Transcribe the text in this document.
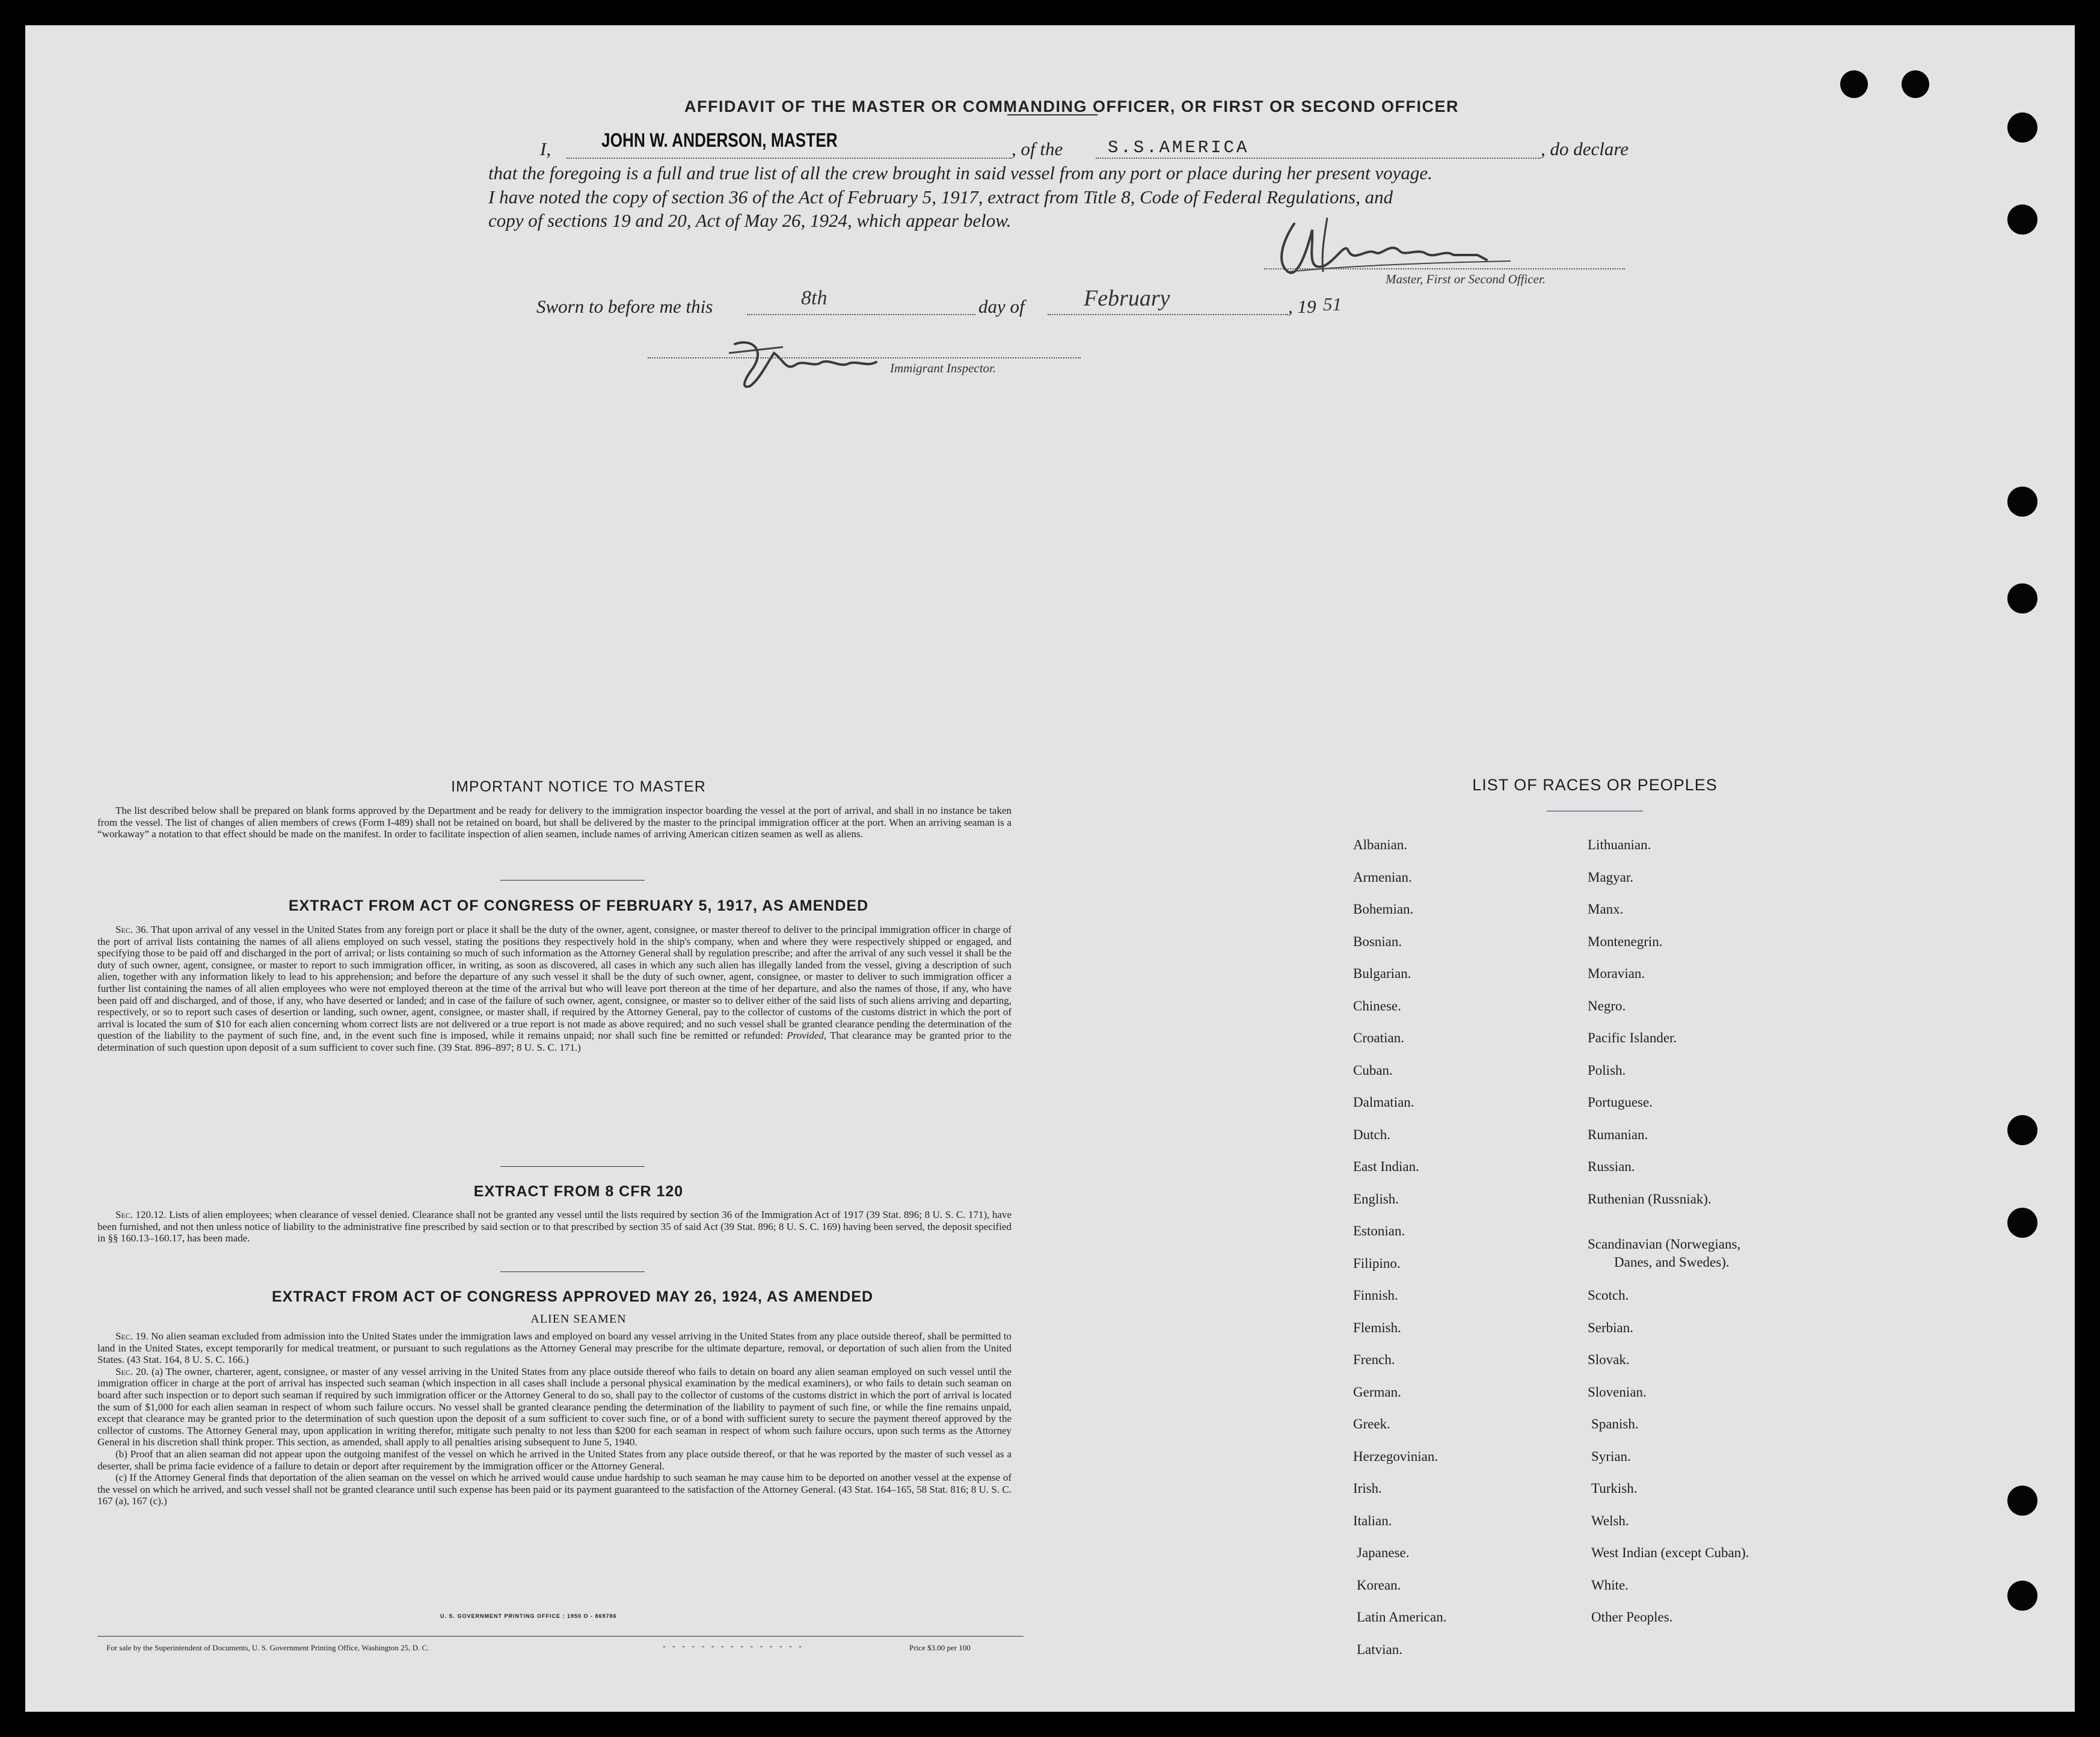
AFFIDAVIT OF THE MASTER OR COMMANDING OFFICER, OR FIRST OR SECOND OFFICER
I,	JOHN W. ANDERSON, MASTER	, of the	S.S.AMERICA	, do declare
that the foregoing is a full and true list of all the crew brought in said vessel from any port or place during her present voyage.
I have noted the copy of section 36 of the Act of February 5, 1917, extract from Title 8, Code of Federal Regulations, and
copy of sections 19 and 20, Act of May 26, 1924, which appear below.
Master, First or Second Officer.
Sworn to before me this	8th	day of	February	, 19 51
Immigrant Inspector.
IMPORTANT NOTICE TO MASTER

The list described below shall be prepared on blank forms approved by the Department and be ready for delivery to the immigration inspector boarding the vessel at the port of arrival, and shall in no instance be taken from the vessel. The list of changes of alien members of crews (Form I-489) shall not be retained on board, but shall be delivered by the master to the principal immigration officer at the port. When an arriving seaman is a “workaway” a notation to that effect should be made on the manifest. In order to facilitate inspection of alien seamen, include names of arriving American citizen seamen as well as aliens.

EXTRACT FROM ACT OF CONGRESS OF FEBRUARY 5, 1917, AS AMENDED

Sec. 36. That upon arrival of any vessel in the United States from any foreign port or place it shall be the duty of the owner, agent, consignee, or master thereof to deliver to the principal immigration officer in charge of the port of arrival lists containing the names of all aliens employed on such vessel, stating the positions they respectively hold in the ship's company, when and where they were respectively shipped or engaged, and specifying those to be paid off and discharged in the port of arrival; or lists containing so much of such information as the Attorney General shall by regulation prescribe; and after the arrival of any such vessel it shall be the duty of such owner, agent, consignee, or master to report to such immigration officer, in writing, as soon as discovered, all cases in which any such alien has illegally landed from the vessel, giving a description of such alien, together with any information likely to lead to his apprehension; and before the departure of any such vessel it shall be the duty of such owner, agent, consignee, or master to deliver to such immigration officer a further list containing the names of all alien employees who were not employed thereon at the time of the arrival but who will leave port thereon at the time of her departure, and also the names of those, if any, who have been paid off and discharged, and of those, if any, who have deserted or landed; and in case of the failure of such owner, agent, consignee, or master so to deliver either of the said lists of such aliens arriving and departing, respectively, or so to report such cases of desertion or landing, such owner, agent, consignee, or master shall, if required by the Attorney General, pay to the collector of customs of the customs district in which the port of arrival is located the sum of $10 for each alien concerning whom correct lists are not delivered or a true report is not made as above required; and no such vessel shall be granted clearance pending the determination of the question of the liability to the payment of such fine, and, in the event such fine is imposed, while it remains unpaid; nor shall such fine be remitted or refunded: Provided, That clearance may be granted prior to the determination of such question upon deposit of a sum sufficient to cover such fine. (39 Stat. 896–897; 8 U. S. C. 171.)

EXTRACT FROM 8 CFR 120

Sec. 120.12. Lists of alien employees; when clearance of vessel denied. Clearance shall not be granted any vessel until the lists required by section 36 of the Immigration Act of 1917 (39 Stat. 896; 8 U. S. C. 171), have been furnished, and not then unless notice of liability to the administrative fine prescribed by said section or to that prescribed by section 35 of said Act (39 Stat. 896; 8 U. S. C. 169) having been served, the deposit specified in §§ 160.13–160.17, has been made.

EXTRACT FROM ACT OF CONGRESS APPROVED MAY 26, 1924, AS AMENDED
ALIEN SEAMEN

Sec. 19. No alien seaman excluded from admission into the United States under the immigration laws and employed on board any vessel arriving in the United States from any place outside thereof, shall be permitted to land in the United States, except temporarily for medical treatment, or pursuant to such regulations as the Attorney General may prescribe for the ultimate departure, removal, or deportation of such alien from the United States. (43 Stat. 164, 8 U. S. C. 166.)

Sec. 20. (a) The owner, charterer, agent, consignee, or master of any vessel arriving in the United States from any place outside thereof who fails to detain on board any alien seaman employed on such vessel until the immigration officer in charge at the port of arrival has inspected such seaman (which inspection in all cases shall include a personal physical examination by the medical examiners), or who fails to detain such seaman on board after such inspection or to deport such seaman if required by such immigration officer or the Attorney General to do so, shall pay to the collector of customs of the customs district in which the port of arrival is located the sum of $1,000 for each alien seaman in respect of whom such failure occurs. No vessel shall be granted clearance pending the determination of the liability to payment of such fine, or while the fine remains unpaid, except that clearance may be granted prior to the determination of such question upon the deposit of a sum sufficient to cover such fine, or of a bond with sufficient surety to secure the payment thereof approved by the collector of customs. The Attorney General may, upon application in writing therefor, mitigate such penalty to not less than $200 for each seaman in respect of whom such failure occurs, upon such terms as the Attorney General in his discretion shall think proper. This section, as amended, shall apply to all penalties arising subsequent to June 5, 1940.

(b) Proof that an alien seaman did not appear upon the outgoing manifest of the vessel on which he arrived in the United States from any place outside thereof, or that he was reported by the master of such vessel as a deserter, shall be prima facie evidence of a failure to detain or deport after requirement by the immigration officer or the Attorney General.

(c) If the Attorney General finds that deportation of the alien seaman on the vessel on which he arrived would cause undue hardship to such seaman he may cause him to be deported on another vessel at the expense of the vessel on which he arrived, and such vessel shall not be granted clearance until such expense has been paid or its payment guaranteed to the satisfaction of the Attorney General. (43 Stat. 164–165, 58 Stat. 816; 8 U. S. C. 167 (a), 167 (c).)

U. S. GOVERNMENT PRINTING OFFICE : 1950 O - 869786
For sale by the Superintendent of Documents, U. S. Government Printing Office, Washington 25, D. C.	- - - - - - - - - - - - - - -	Price $3.00 per 100
LIST OF RACES OR PEOPLES
Albanian.
Armenian.
Bohemian.
Bosnian.
Bulgarian.
Chinese.
Croatian.
Cuban.
Dalmatian.
Dutch.
East Indian.
English.
Estonian.
Filipino.
Finnish.
Flemish.
French.
German.
Greek.
Herzegovinian.
Irish.
Italian.
Japanese.
Korean.
Latin American.
Latvian.
Lithuanian.
Magyar.
Manx.
Montenegrin.
Moravian.
Negro.
Pacific Islander.
Polish.
Portuguese.
Rumanian.
Russian.
Ruthenian (Russniak).
Scandinavian (Norwegians,
Danes, and Swedes).
Scotch.
Serbian.
Slovak.
Slovenian.
Spanish.
Syrian.
Turkish.
Welsh.
West Indian (except Cuban).
White.
Other Peoples.
